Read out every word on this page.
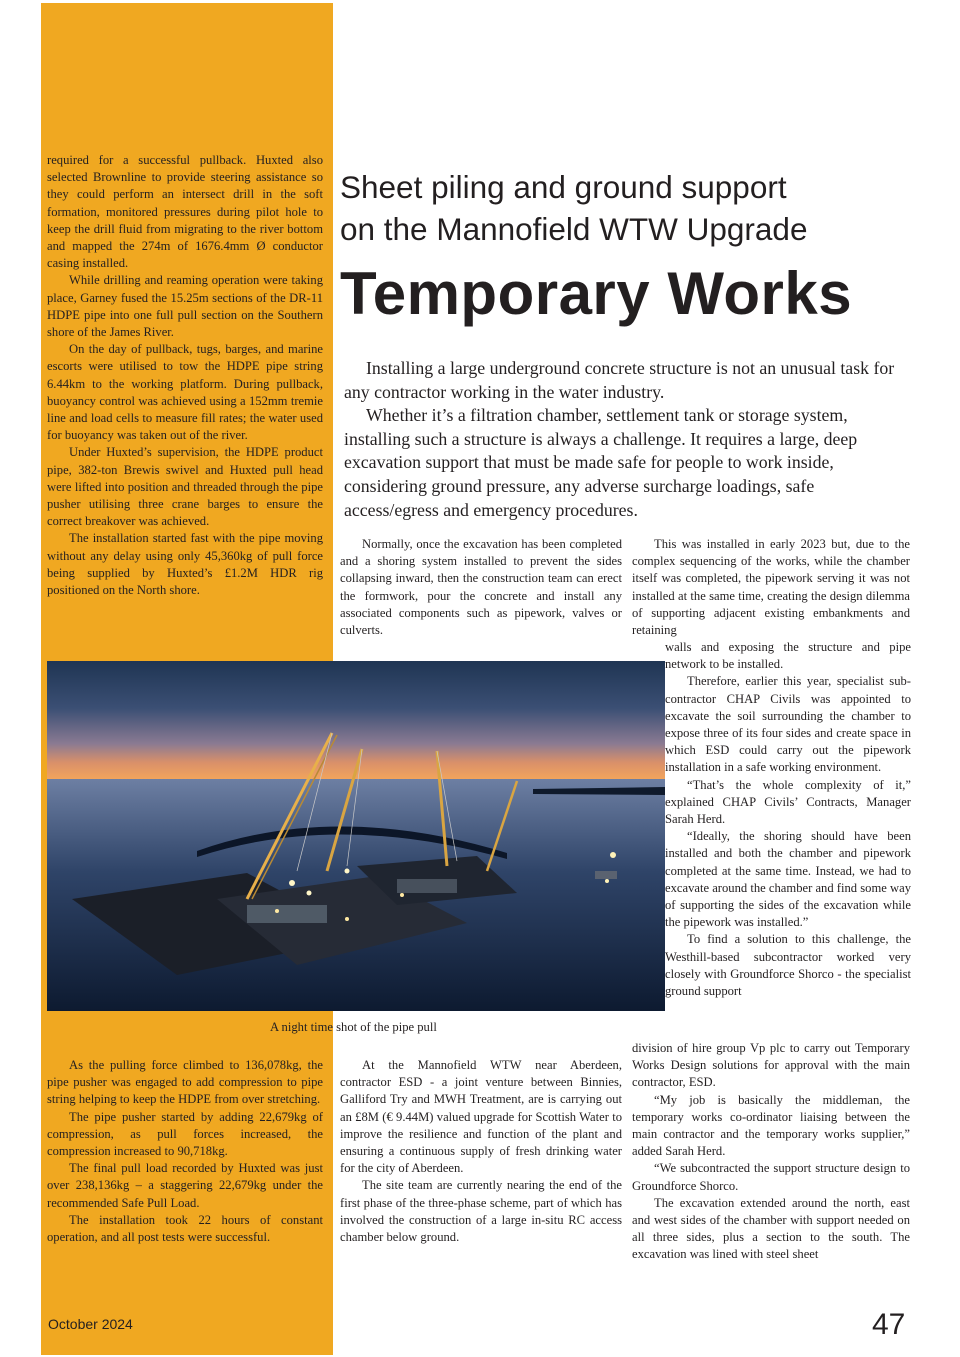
required for a successful pullback. Huxted also selected Brownline to provide steering assistance so they could perform an intersect drill in the soft formation, monitored pressures during pilot hole to keep the drill fluid from migrating to the river bottom and mapped the 274m of 1676.4mm Ø conductor casing installed.

While drilling and reaming operation were taking place, Garney fused the 15.25m sections of the DR-11 HDPE pipe into one full pull section on the Southern shore of the James River.

On the day of pullback, tugs, barges, and marine escorts were utilised to tow the HDPE pipe string 6.44km to the working platform. During pullback, buoyancy control was achieved using a 152mm tremie line and load cells to measure fill rates; the water used for buoyancy was taken out of the river.

Under Huxted’s supervision, the HDPE product pipe, 382-ton Brewis swivel and Huxted pull head were lifted into position and threaded through the pipe pusher utilising three crane barges to ensure the correct breakover was achieved.

The installation started fast with the pipe moving without any delay using only 45,360kg of pull force being supplied by Huxted’s £1.2M HDR rig positioned on the North shore.

Sheet piling and ground support
on the Mannofield WTW Upgrade
Temporary Works

Installing a large underground concrete structure is not an unusual task for any contractor working in the water industry.

Whether it’s a filtration chamber, settlement tank or storage system, installing such a structure is always a challenge. It requires a large, deep excavation support that must be made safe for people to work inside, considering ground pressure, any adverse surcharge loadings, safe access/egress and emergency procedures.

Normally, once the excavation has been completed and a shoring system installed to prevent the sides collapsing inward, then the construction team can erect the formwork, pour the concrete and install any associated components such as pipework, valves or culverts.

This was installed in early 2023 but, due to the complex sequencing of the works, while the chamber itself was completed, the pipework serving it was not installed at the same time, creating the design dilemma of supporting adjacent existing embankments and retaining

walls and exposing the structure and pipe network to be installed.

Therefore, earlier this year, specialist sub-contractor CHAP Civils was appointed to excavate the soil surrounding the chamber to expose three of its four sides and create space in which ESD could carry out the pipework installation in a safe working environment.

“That’s the whole complexity of it,” explained CHAP Civils’ Contracts, Manager Sarah Herd.

“Ideally, the shoring should have been installed and both the chamber and pipework completed at the same time. Instead, we had to excavate around the chamber and find some way of supporting the sides of the excavation while the pipework was installed.”

To find a solution to this challenge, the Westhill-based subcontractor worked very closely with Groundforce Shorco - the specialist ground support

division of hire group Vp plc to carry out Temporary Works Design solutions for approval with the main contractor, ESD.

“My job is basically the middleman, the temporary works co-ordinator liaising between the main contractor and the temporary works supplier,” added Sarah Herd.

“We subcontracted the support structure design to Groundforce Shorco.

The excavation extended around the north, east and west sides of the chamber with support needed on all three sides, plus a section to the south. The excavation was lined with steel sheet

A night time shot of the pipe pull

As the pulling force climbed to 136,078kg, the pipe pusher was engaged to add compression to pipe string helping to keep the HDPE from over stretching.

The pipe pusher started by adding 22,679kg of compression, as pull forces increased, the compression increased to 90,718kg.

The final pull load recorded by Huxted was just over 238,136kg – a staggering 22,679kg under the recommended Safe Pull Load.

The installation took 22 hours of constant operation, and all post tests were successful.

At the Mannofield WTW near Aberdeen, contractor ESD - a joint venture between Binnies, Galliford Try and MWH Treatment, are is carrying out an £8M (€ 9.44M) valued upgrade for Scottish Water to improve the resilience and function of the plant and ensuring a continuous supply of fresh drinking water for the city of Aberdeen.

The site team are currently nearing the end of the first phase of the three-phase scheme, part of which has involved the construction of a large in-situ RC access chamber below ground.

October 2024	47
